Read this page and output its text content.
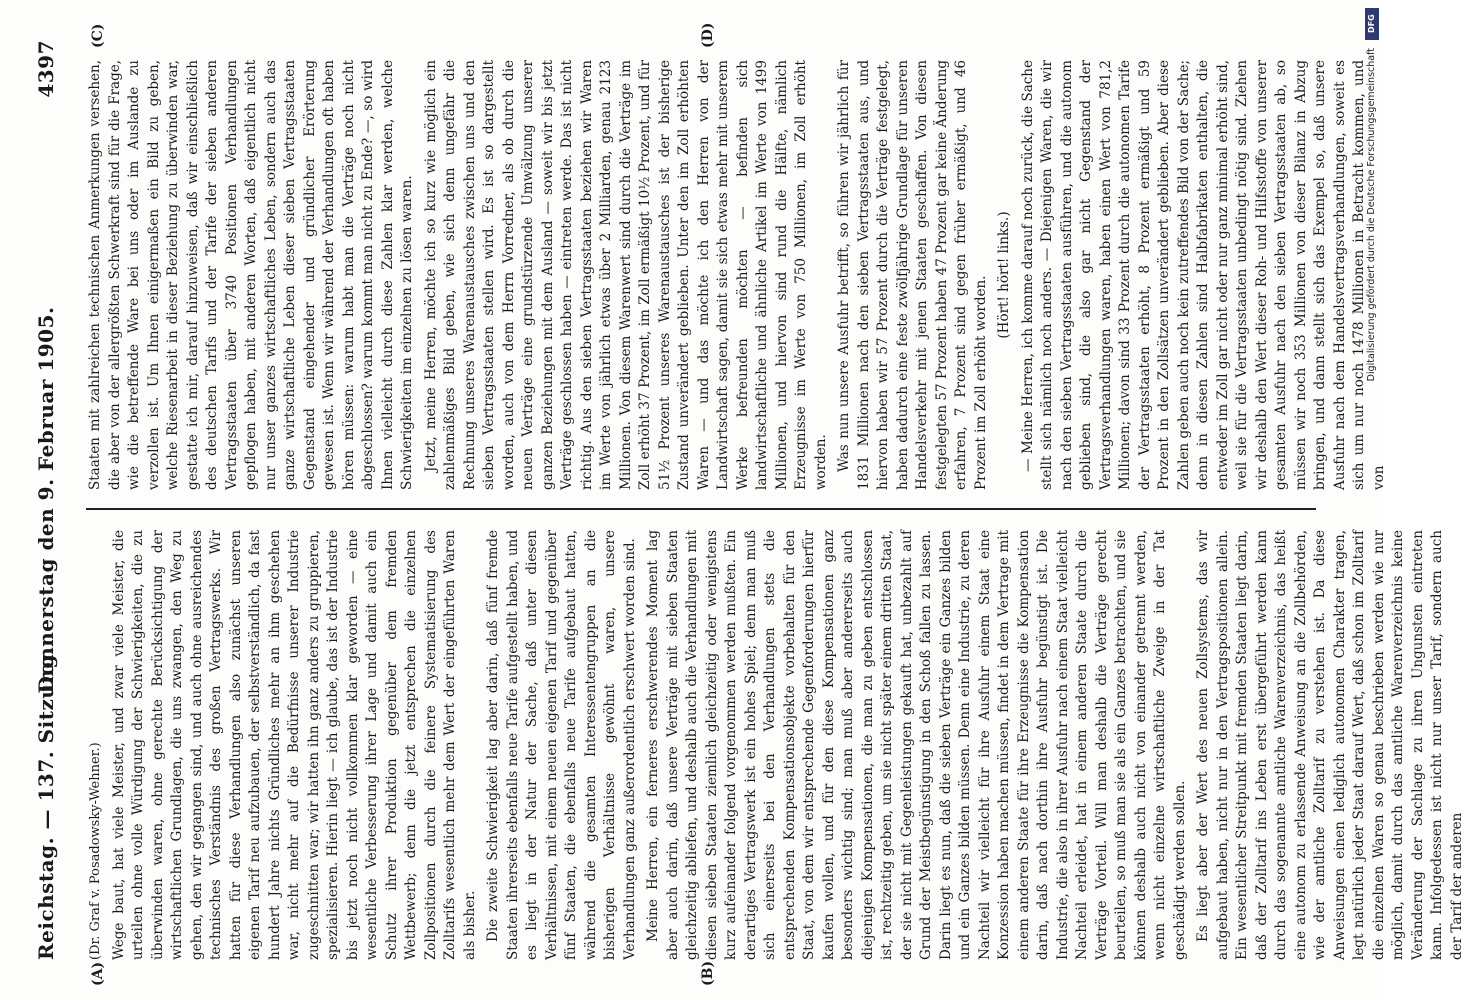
Reichstag. — 137. Sitzung.
Donnerstag den 9. Februar 1905.
4397
(A)	(B)
(C)	(D)
(Dr. Graf v. Posadowsky-Wehner.) Wege baut, hat viele Meister, und zwar viele Meister, die urteilen ohne volle Würdigung der Schwierigkeiten, die zu überwinden waren, ohne gerechte Berücksichtigung der wirtschaftlichen Grundlagen, die uns zwangen, den Weg zu gehen, den wir gegangen sind, und auch ohne ausreichendes technisches Verständnis des großen Vertragswerks. Wir hatten für diese Verhandlungen also zunächst unseren eigenen Tarif neu aufzubauen, der selbstverständlich, da fast hundert Jahre nichts Gründliches mehr an ihm geschehen war, nicht mehr auf die Bedürfnisse unserer Industrie zugeschnitten war; wir hatten ihn ganz anders zu gruppieren, spezialisieren. Hierin liegt — ich glaube, das ist der Industrie bis jetzt noch nicht vollkommen klar geworden — eine wesentliche Verbesserung ihrer Lage und damit auch ein Schutz ihrer Produktion gegenüber dem fremden Wettbewerb; denn die jetzt entsprechen die einzelnen Zollpositionen durch die feinere Systematisierung des Zolltarifs wesentlich mehr dem Wert der eingeführten Waren als bisher. Die zweite Schwierigkeit lag aber darin, daß fünf fremde Staaten ihrerseits ebenfalls neue Tarife aufgestellt haben, und es liegt in der Natur der Sache, daß unter diesen Verhältnissen, mit einem neuen eigenen Tarif und gegenüber fünf Staaten, die ebenfalls neue Tarife aufgebaut hatten, während die gesamten Interessentengruppen an die bisherigen Verhältnisse gewöhnt waren, unsere Verhandlungen ganz außerordentlich erschwert worden sind. Meine Herren, ein ferneres erschwerendes Moment lag aber auch darin, daß unsere Verträge mit sieben Staaten gleichzeitig abliefen, und deshalb auch die Verhandlungen mit diesen sieben Staaten ziemlich gleichzeitig oder wenigstens kurz aufeinander folgend vorgenommen werden mußten. Ein derartiges Vertragswerk ist ein hohes Spiel; denn man muß sich einerseits bei den Verhandlungen stets die entsprechenden Kompensationsobjekte vorbehalten für den Staat, von dem wir entsprechende Gegenforderungen hierfür kaufen wollen, und für den diese Kompensationen ganz besonders wichtig sind; man muß aber andererseits auch diejenigen Kompensationen, die man zu geben entschlossen ist, rechtzeitig geben, um sie nicht später einem dritten Staat, der sie nicht mit Gegenleistungen gekauft hat, unbezahlt auf Grund der Meistbegünstigung in den Schoß fallen zu lassen. Darin liegt es nun, daß die sieben Verträge ein Ganzes bilden und ein Ganzes bilden müssen. Denn eine Industrie, zu deren Nachteil wir vielleicht für ihre Ausfuhr einem Staat eine Konzession haben machen müssen, findet in dem Vertrage mit einem anderen Staate für ihre Erzeugnisse die Kompensation darin, daß nach dorthin ihre Ausfuhr begünstigt ist. Die Industrie, die also in ihrer Ausfuhr nach einem Staat vielleicht Nachteil erleidet, hat in einem anderen Staate durch die Verträge Vorteil. Will man deshalb die Verträge gerecht beurteilen, so muß man sie als ein Ganzes betrachten, und sie können deshalb auch nicht von einander getrennt werden, wenn nicht einzelne wirtschaftliche Zweige in der Tat geschädigt werden sollen. Es liegt aber der Wert des neuen Zollsystems, das wir aufgebaut haben, nicht nur in den Vertragspositionen allein. Ein wesentlicher Streitpunkt mit fremden Staaten liegt darin, daß der Zolltarif ins Leben erst übergeführt werden kann durch das sogenannte amtliche Warenverzeichnis, das heißt eine autonom zu erlassende Anweisung an die Zollbehörden, wie der amtliche Zolltarif zu verstehen ist. Da diese Anweisungen einen lediglich autonomen Charakter tragen, legt natürlich jeder Staat darauf Wert, daß schon im Zolltarif die einzelnen Waren so genau beschrieben werden wie nur möglich, damit durch das amtliche Warenverzeichnis keine Veränderung der Sachlage zu ihren Ungunsten eintreten kann. Infolgedessen ist nicht nur unser Tarif, sondern auch der Tarif der anderen

Staaten mit zahlreichen technischen Anmerkungen versehen, die aber von der allergrößten Schwerkraft sind für die Frage, wie die betreffende Ware bei uns oder im Auslande zu verzollen ist. Um Ihnen einigermaßen ein Bild zu geben, welche Riesenarbeit in dieser Beziehung zu überwinden war, gestatte ich mir, darauf hinzuweisen, daß wir einschließlich des deutschen Tarifs und der Tarife der sieben anderen Vertragsstaaten über 3740 Positionen Verhandlungen gepflogen haben, mit anderen Worten, daß eigentlich nicht nur unser ganzes wirtschaftliches Leben, sondern auch das ganze wirtschaftliche Leben dieser sieben Vertragsstaaten Gegenstand eingehender und gründlicher Erörterung gewesen ist. Wenn wir während der Verhandlungen oft haben hören müssen: warum habt man die Verträge noch nicht abgeschlossen? warum kommt man nicht zu Ende? —, so wird Ihnen vielleicht durch diese Zahlen klar werden, welche Schwierigkeiten im einzelnen zu lösen waren. Jetzt, meine Herren, möchte ich so kurz wie möglich ein zahlenmäßiges Bild geben, wie sich denn ungefähr die Rechnung unseres Warenaustausches zwischen uns und den sieben Vertragsstaaten stellen wird. Es ist so dargestellt worden, auch von dem Herrn Vorredner, als ob durch die neuen Verträge eine grundstürzende Umwälzung unserer ganzen Beziehungen mit dem Ausland — soweit wir bis jetzt Verträge geschlossen haben — eintreten werde. Das ist nicht richtig. Aus den sieben Vertragsstaaten beziehen wir Waren im Werte von jährlich etwas über 2 Milliarden, genau 2123 Millionen. Von diesem Warenwert sind durch die Verträge im Zoll erhöht 37 Prozent, im Zoll ermäßigt 10½ Prozent, und für 51½ Prozent unseres Warenaustausches ist der bisherige Zustand unverändert geblieben. Unter den im Zoll erhöhten Waren — und das möchte ich den Herren von der Landwirtschaft sagen, damit sie sich etwas mehr mit unserem Werke befreunden möchten — befinden sich landwirtschaftliche und ähnliche Artikel im Werte von 1499 Millionen, und hiervon sind rund die Hälfte, nämlich Erzeugnisse im Werte von 750 Millionen, im Zoll erhöht worden. Was nun unsere Ausfuhr betrifft, so führen wir jährlich für 1831 Millionen nach den sieben Vertragsstaaten aus, und hiervon haben wir 57 Prozent durch die Verträge festgelegt, haben dadurch eine feste zwölfjährige Grundlage für unseren Handelsverkehr mit jenen Staaten geschaffen. Von diesen festgelegten 57 Prozent haben 47 Prozent gar keine Änderung erfahren, 7 Prozent sind gegen früher ermäßigt, und 46 Prozent im Zoll erhöht worden.

(Hört! hört! links.) — Meine Herren, ich komme darauf noch zurück, die Sache stellt sich nämlich noch anders. — Diejenigen Waren, die wir nach den sieben Vertragsstaaten ausführen, und die autonom geblieben sind, die also gar nicht Gegenstand der Vertragsverhandlungen waren, haben einen Wert von 781,2 Millionen; davon sind 33 Prozent durch die autonomen Tarife der Vertragsstaaten erhöht, 8 Prozent ermäßigt und 59 Prozent in den Zollsätzen unverändert geblieben. Aber diese Zahlen geben auch noch kein zutreffendes Bild von der Sache; denn in diesen Zahlen sind Halbfabrikaten enthalten, die entweder im Zoll gar nicht oder nur ganz minimal erhöht sind, weil sie für die Vertragsstaaten unbedingt nötig sind. Ziehen wir deshalb den Wert dieser Roh- und Hilfsstoffe von unserer gesamten Ausfuhr nach den sieben Vertragsstaaten ab, so müssen wir noch 353 Millionen von dieser Bilanz in Abzug bringen, und dann stellt sich das Exempel so, daß unsere Ausfuhr nach dem Handelsvertragsverhandlungen, soweit es sich um nur noch 1478 Millionen in Betracht kommen, und von

DFG
Digitalisierung gefördert durch die Deutsche Forschungsgemeinschaft
